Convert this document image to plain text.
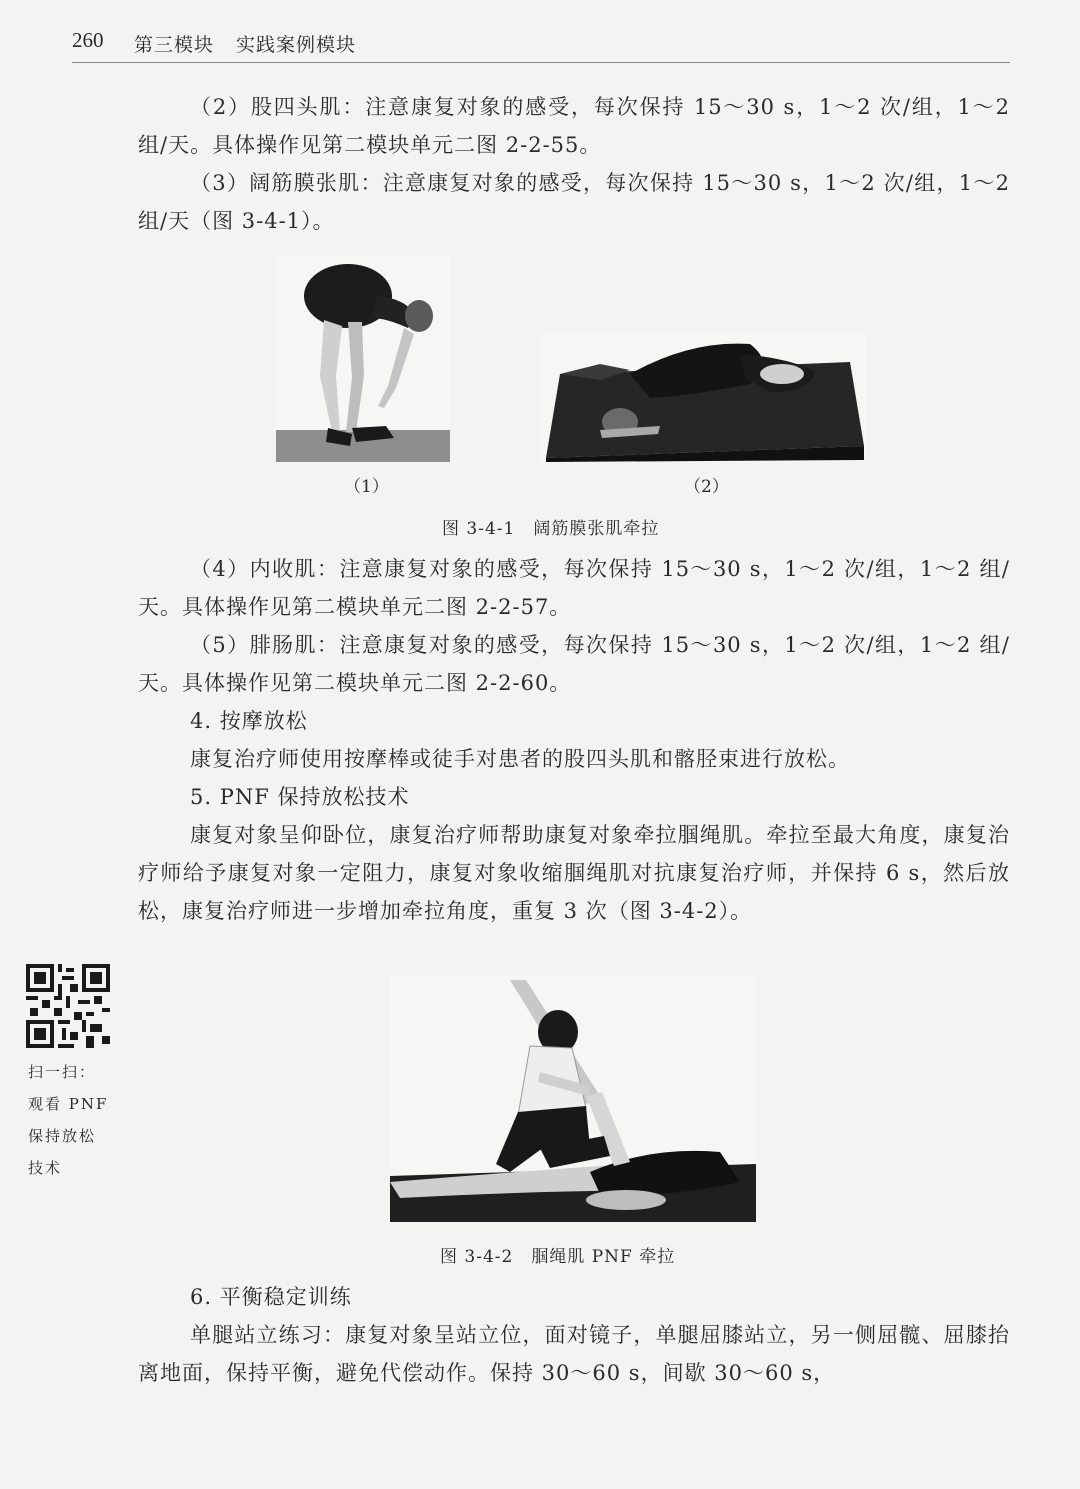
260 第三模块 实践案例模块

（2）股四头肌：注意康复对象的感受，每次保持 15～30 s，1～2 次/组，1～2 组/天。具体操作见第二模块单元二图 2-2-55。

（3）阔筋膜张肌：注意康复对象的感受，每次保持 15～30 s，1～2 次/组，1～2 组/天（图 3-4-1）。

（1）	（2）
图 3-4-1　阔筋膜张肌牵拉

（4）内收肌：注意康复对象的感受，每次保持 15～30 s，1～2 次/组，1～2 组/天。具体操作见第二模块单元二图 2-2-57。

（5）腓肠肌：注意康复对象的感受，每次保持 15～30 s，1～2 次/组，1～2 组/天。具体操作见第二模块单元二图 2-2-60。

4. 按摩放松

康复治疗师使用按摩棒或徒手对患者的股四头肌和髂胫束进行放松。

5. PNF 保持放松技术

康复对象呈仰卧位，康复治疗师帮助康复对象牵拉腘绳肌。牵拉至最大角度，康复治疗师给予康复对象一定阻力，康复对象收缩腘绳肌对抗康复治疗师，并保持 6 s，然后放松，康复治疗师进一步增加牵拉角度，重复 3 次（图 3-4-2）。

扫一扫：
观看 PNF
保持放松
技术
图 3-4-2　腘绳肌 PNF 牵拉

6. 平衡稳定训练

单腿站立练习：康复对象呈站立位，面对镜子，单腿屈膝站立，另一侧屈髋、屈膝抬离地面，保持平衡，避免代偿动作。保持 30～60 s，间歇 30～60 s，
